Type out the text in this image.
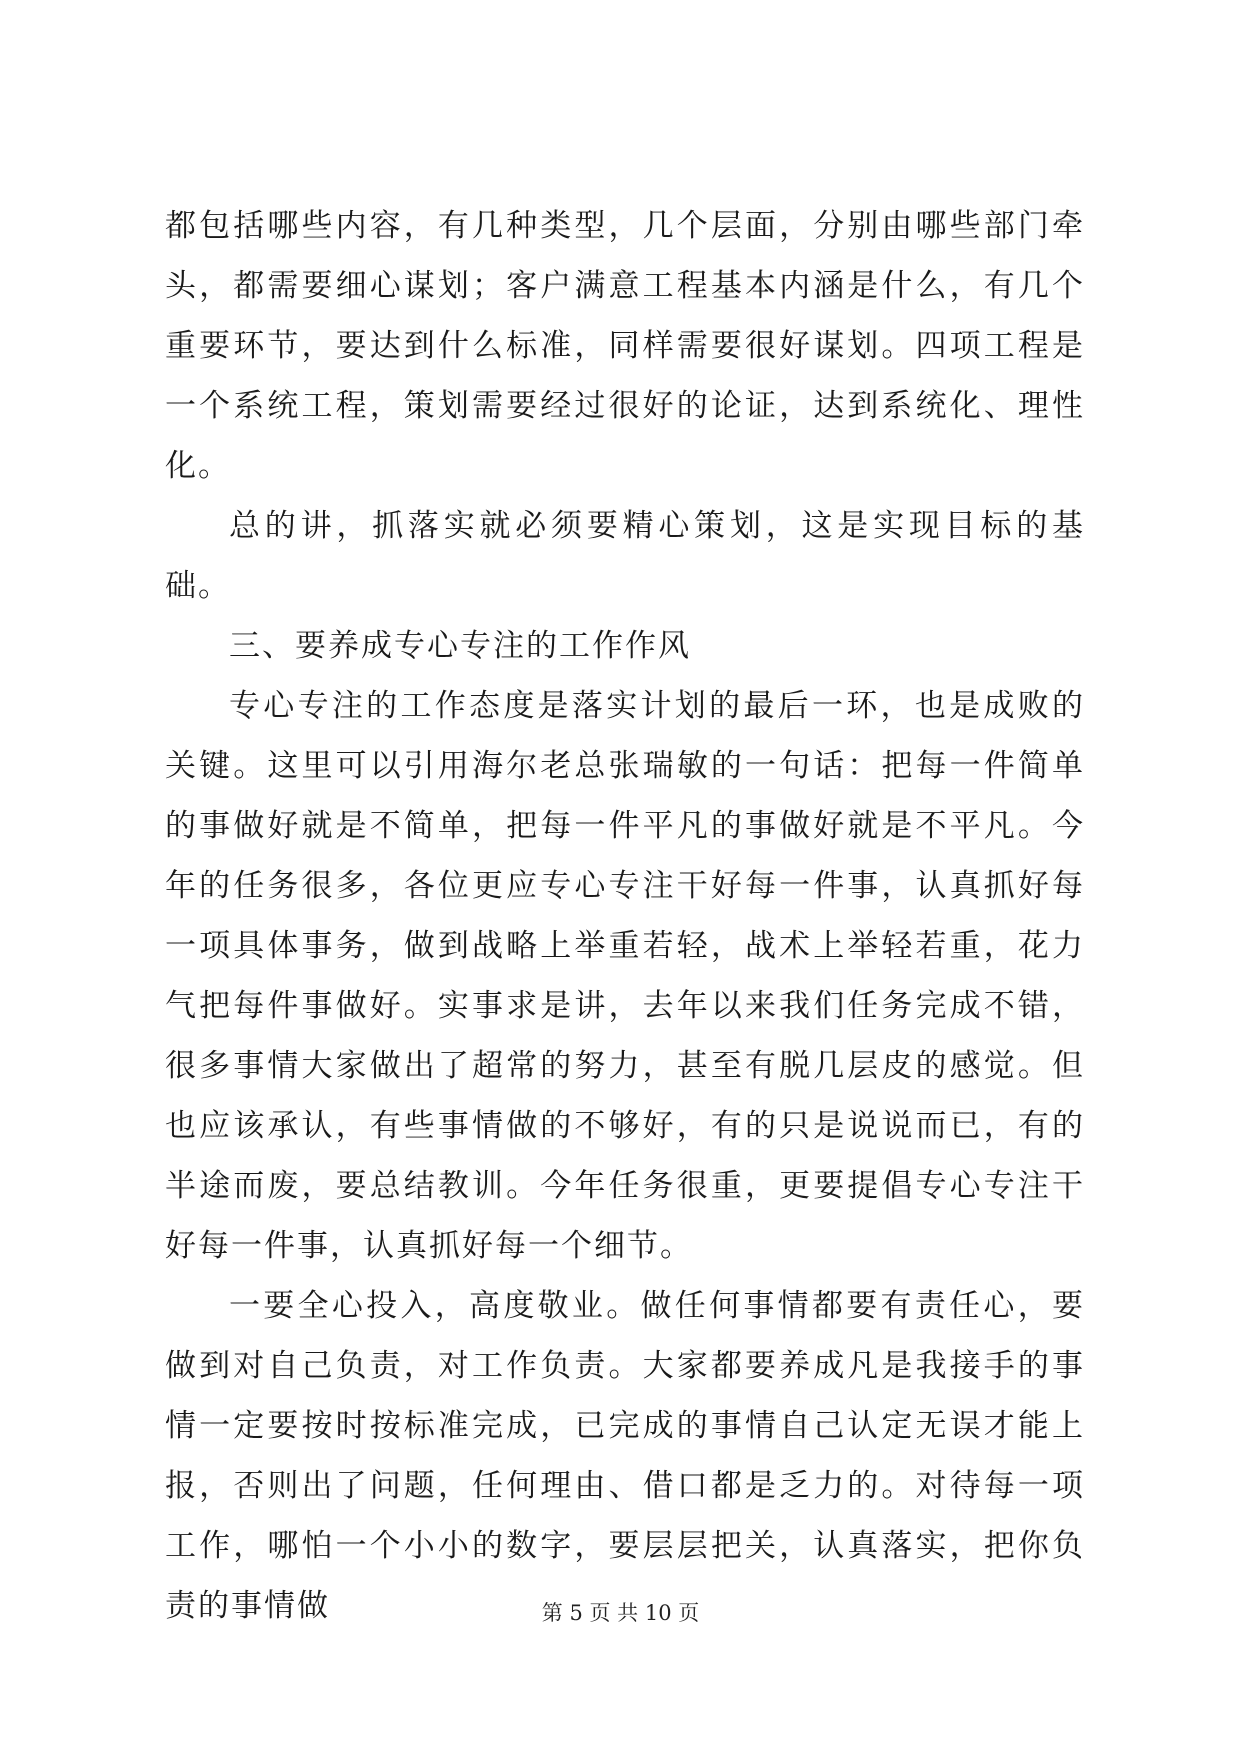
都包括哪些内容，有几种类型，几个层面，分别由哪些部门牵头，都需要细心谋划；客户满意工程基本内涵是什么，有几个重要环节，要达到什么标准，同样需要很好谋划。四项工程是一个系统工程，策划需要经过很好的论证，达到系统化、理性化。

总的讲，抓落实就必须要精心策划，这是实现目标的基础。

三、要养成专心专注的工作作风

专心专注的工作态度是落实计划的最后一环，也是成败的关键。这里可以引用海尔老总张瑞敏的一句话：把每一件简单的事做好就是不简单，把每一件平凡的事做好就是不平凡。今年的任务很多，各位更应专心专注干好每一件事，认真抓好每一项具体事务，做到战略上举重若轻，战术上举轻若重，花力气把每件事做好。实事求是讲，去年以来我们任务完成不错，很多事情大家做出了超常的努力，甚至有脱几层皮的感觉。但也应该承认，有些事情做的不够好，有的只是说说而已，有的半途而废，要总结教训。今年任务很重，更要提倡专心专注干好每一件事，认真抓好每一个细节。

一要全心投入，高度敬业。做任何事情都要有责任心，要做到对自己负责，对工作负责。大家都要养成凡是我接手的事情一定要按时按标准完成，已完成的事情自己认定无误才能上报，否则出了问题，任何理由、借口都是乏力的。对待每一项工作，哪怕一个小小的数字，要层层把关，认真落实，把你负责的事情做	第 5 页 共 10 页
